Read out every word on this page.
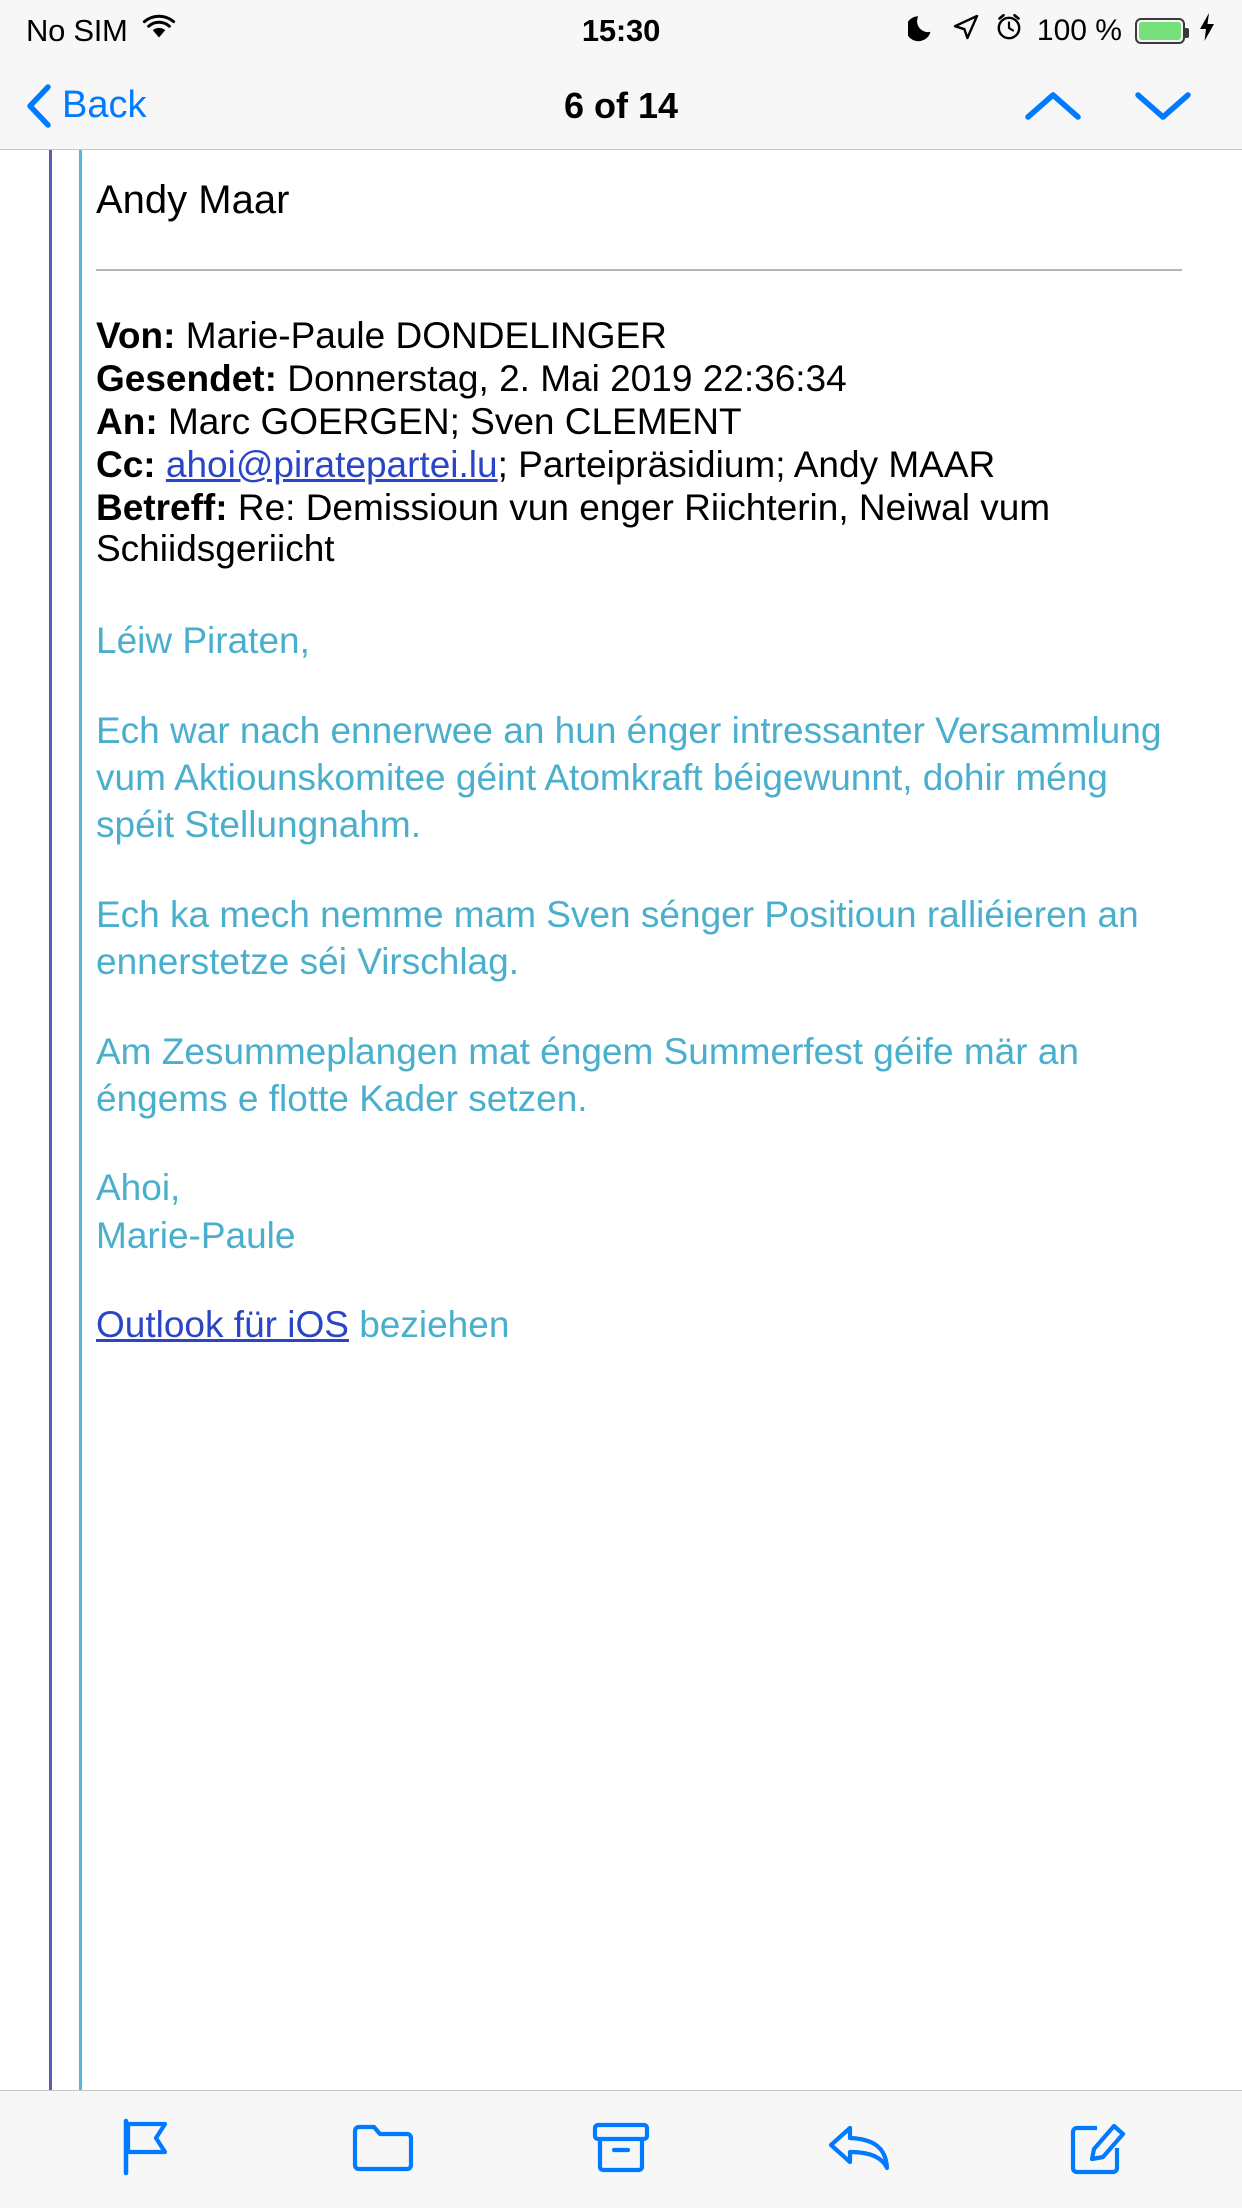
No SIM	15:30	100 %
Back	6 of 14
Andy Maar
Von: Marie-Paule DONDELINGER
Gesendet: Donnerstag, 2. Mai 2019 22:36:34
An: Marc GOERGEN; Sven CLEMENT
Cc: ahoi@piratepartei.lu; Parteipräsidium; Andy MAAR
Betreff: Re: Demissioun vun enger Riichterin, Neiwal vum Schiidsgeriicht

Léiw Piraten,

Ech war nach ennerwee an hun énger intressanter Versammlung vum Aktiounskomitee géint Atomkraft béigewunnt, dohir méng spéit Stellungnahm.

Ech ka mech nemme mam Sven sénger Positioun ralliéieren an ennerstetze séi Virschlag.

Am Zesummeplangen mat éngem Summerfest géife mär an éngems e flotte Kader setzen.

Ahoi,

Marie-Paule

Outlook für iOS beziehen
